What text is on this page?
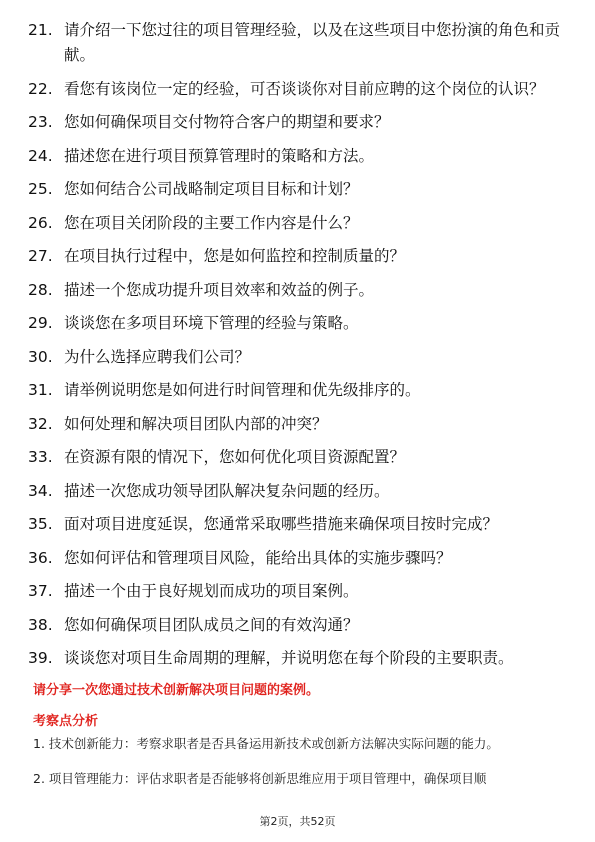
21. 请介绍一下您过往的项目管理经验，以及在这些项目中您扮演的角色和贡献。
22. 看您有该岗位一定的经验，可否谈谈你对目前应聘的这个岗位的认识？
23. 您如何确保项目交付物符合客户的期望和要求？
24. 描述您在进行项目预算管理时的策略和方法。
25. 您如何结合公司战略制定项目目标和计划？
26. 您在项目关闭阶段的主要工作内容是什么？
27. 在项目执行过程中，您是如何监控和控制质量的？
28. 描述一个您成功提升项目效率和效益的例子。
29. 谈谈您在多项目环境下管理的经验与策略。
30. 为什么选择应聘我们公司？
31. 请举例说明您是如何进行时间管理和优先级排序的。
32. 如何处理和解决项目团队内部的冲突？
33. 在资源有限的情况下，您如何优化项目资源配置？
34. 描述一次您成功领导团队解决复杂问题的经历。
35. 面对项目进度延误，您通常采取哪些措施来确保项目按时完成？
36. 您如何评估和管理项目风险，能给出具体的实施步骤吗？
37. 描述一个由于良好规划而成功的项目案例。
38. 您如何确保项目团队成员之间的有效沟通？
39. 谈谈您对项目生命周期的理解，并说明您在每个阶段的主要职责。
请分享一次您通过技术创新解决项目问题的案例。
考察点分析
1. 技术创新能力：考察求职者是否具备运用新技术或创新方法解决实际问题的能力。
2. 项目管理能力：评估求职者是否能够将创新思维应用于项目管理中，确保项目顺
第2页，共52页
